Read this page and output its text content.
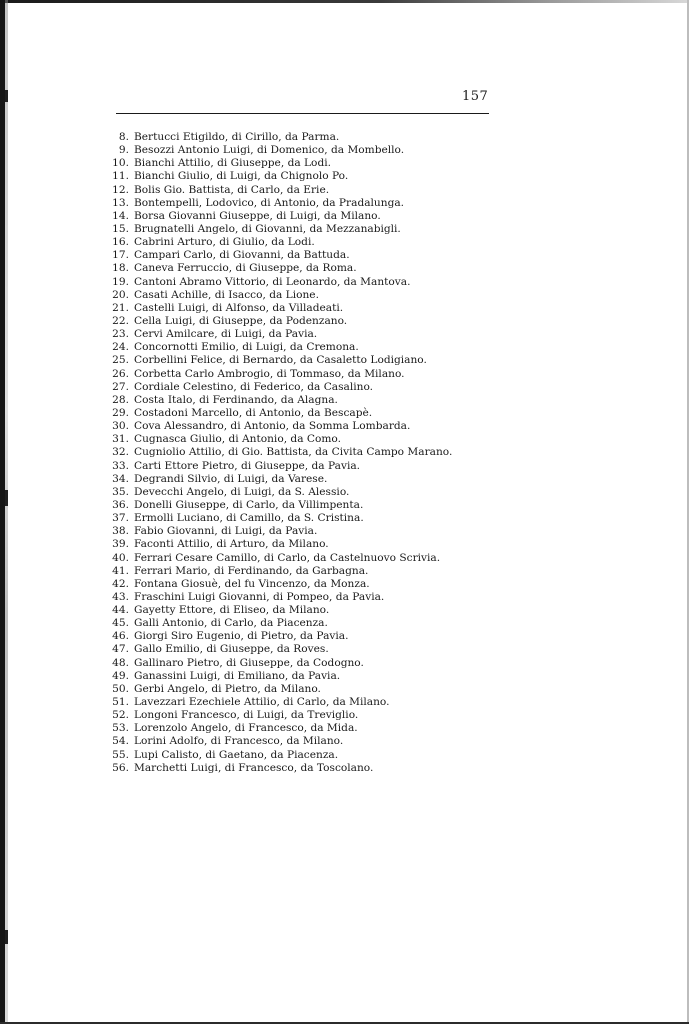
157
8. Bertucci Etigildo, di Cirillo, da Parma.
9. Besozzi Antonio Luigi, di Domenico, da Mombello.
10. Bianchi Attilio, di Giuseppe, da Lodi.
11. Bianchi Giulio, di Luigi, da Chignolo Po.
12. Bolis Gio. Battista, di Carlo, da Erie.
13. Bontempelli, Lodovico, di Antonio, da Pradalunga.
14. Borsa Giovanni Giuseppe, di Luigi, da Milano.
15. Brugnatelli Angelo, di Giovanni, da Mezzanabigli.
16. Cabrini Arturo, di Giulio, da Lodi.
17. Campari Carlo, di Giovanni, da Battuda.
18. Caneva Ferruccio, di Giuseppe, da Roma.
19. Cantoni Abramo Vittorio, di Leonardo, da Mantova.
20. Casati Achille, di Isacco, da Lione.
21. Castelli Luigi, di Alfonso, da Villadeati.
22. Cella Luigi, di Giuseppe, da Podenzano.
23. Cervi Amilcare, di Luigi, da Pavia.
24. Concornotti Emilio, di Luigi, da Cremona.
25. Corbellini Felice, di Bernardo, da Casaletto Lodigiano.
26. Corbetta Carlo Ambrogio, di Tommaso, da Milano.
27. Cordiale Celestino, di Federico, da Casalino.
28. Costa Italo, di Ferdinando, da Alagna.
29. Costadoni Marcello, di Antonio, da Bescapè.
30. Cova Alessandro, di Antonio, da Somma Lombarda.
31. Cugnasca Giulio, di Antonio, da Como.
32. Cugniolio Attilio, di Gio. Battista, da Civita Campo Marano.
33. Carti Ettore Pietro, di Giuseppe, da Pavia.
34. Degrandi Silvio, di Luigi, da Varese.
35. Devecchi Angelo, di Luigi, da S. Alessio.
36. Donelli Giuseppe, di Carlo, da Villimpenta.
37. Ermolli Luciano, di Camillo, da S. Cristina.
38. Fabio Giovanni, di Luigi, da Pavia.
39. Faconti Attilio, di Arturo, da Milano.
40. Ferrari Cesare Camillo, di Carlo, da Castelnuovo Scrivia.
41. Ferrari Mario, di Ferdinando, da Garbagna.
42. Fontana Giosuè, del fu Vincenzo, da Monza.
43. Fraschini Luigi Giovanni, di Pompeo, da Pavia.
44. Gayetty Ettore, di Eliseo, da Milano.
45. Galli Antonio, di Carlo, da Piacenza.
46. Giorgi Siro Eugenio, di Pietro, da Pavia.
47. Gallo Emilio, di Giuseppe, da Roves.
48. Gallinaro Pietro, di Giuseppe, da Codogno.
49. Ganassini Luigi, di Emiliano, da Pavia.
50. Gerbi Angelo, di Pietro, da Milano.
51. Lavezzari Ezechiele Attilio, di Carlo, da Milano.
52. Longoni Francesco, di Luigi, da Treviglio.
53. Lorenzolo Angelo, di Francesco, da Mida.
54. Lorini Adolfo, di Francesco, da Milano.
55. Lupi Calisto, di Gaetano, da Piacenza.
56. Marchetti Luigi, di Francesco, da Toscolano.
